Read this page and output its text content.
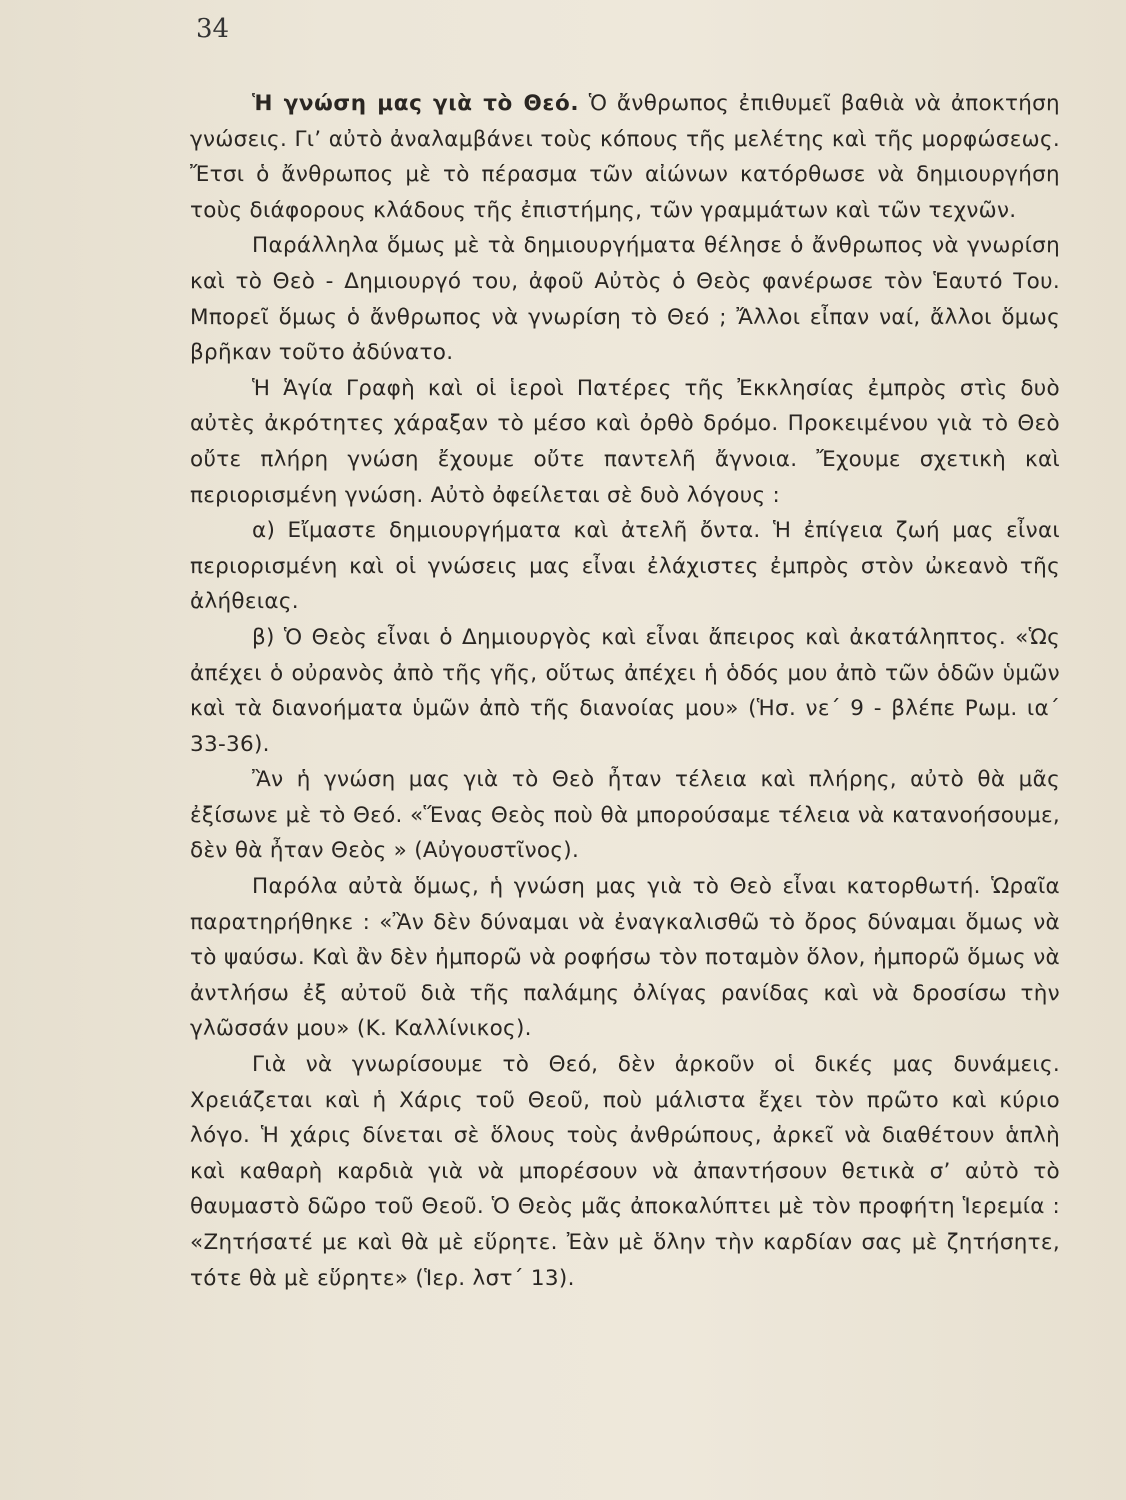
34

Ἡ γνώση μας γιὰ τὸ Θεό. Ὁ ἄνθρωπος ἐπιθυμεῖ βαθιὰ νὰ ἀποκτήση γνώσεις. Γι’ αὐτὸ ἀναλαμβάνει τοὺς κόπους τῆς μελέτης καὶ τῆς μορφώσεως. Ἔτσι ὁ ἄνθρωπος μὲ τὸ πέρασμα τῶν αἰώνων κατόρθωσε νὰ δημιουργήση τοὺς διάφορους κλάδους τῆς ἐπιστήμης, τῶν γραμμάτων καὶ τῶν τεχνῶν.

Παράλληλα ὅμως μὲ τὰ δημιουργήματα θέλησε ὁ ἄνθρωπος νὰ γνωρίση καὶ τὸ Θεὸ - Δημιουργό του, ἀφοῦ Αὐτὸς ὁ Θεὸς φανέρωσε τὸν Ἑαυτό Του. Μπορεῖ ὅμως ὁ ἄνθρωπος νὰ γνωρίση τὸ Θεό ; Ἄλλοι εἶπαν ναί, ἄλλοι ὅμως βρῆκαν τοῦτο ἀδύνατο.

Ἡ Ἁγία Γραφὴ καὶ οἱ ἱεροὶ Πατέρες τῆς Ἐκκλησίας ἐμπρὸς στὶς δυὸ αὐτὲς ἀκρότητες χάραξαν τὸ μέσο καὶ ὀρθὸ δρόμο. Προκειμένου γιὰ τὸ Θεὸ οὔτε πλήρη γνώση ἔχουμε οὔτε παντελῆ ἄγνοια. Ἔχουμε σχετικὴ καὶ περιορισμένη γνώση. Αὐτὸ ὀφείλεται σὲ δυὸ λόγους :

α) Εἴμαστε δημιουργήματα καὶ ἀτελῆ ὄντα. Ἡ ἐπίγεια ζωή μας εἶναι περιορισμένη καὶ οἱ γνώσεις μας εἶναι ἐλάχιστες ἐμπρὸς στὸν ὠκεανὸ τῆς ἀλήθειας.

β) Ὁ Θεὸς εἶναι ὁ Δημιουργὸς καὶ εἶναι ἄπειρος καὶ ἀκατάληπτος. «Ὡς ἀπέχει ὁ οὐρανὸς ἀπὸ τῆς γῆς, οὕτως ἀπέχει ἡ ὁδός μου ἀπὸ τῶν ὁδῶν ὑμῶν καὶ τὰ διανοήματα ὑμῶν ἀπὸ τῆς διανοίας μου» (Ἡσ. νε΄ 9 - βλέπε Ρωμ. ια΄ 33-36).

Ἂν ἡ γνώση μας γιὰ τὸ Θεὸ ἦταν τέλεια καὶ πλήρης, αὐτὸ θὰ μᾶς ἐξίσωνε μὲ τὸ Θεό. «Ἕνας Θεὸς ποὺ θὰ μπορούσαμε τέλεια νὰ κατανοήσουμε, δὲν θὰ ἦταν Θεὸς » (Αὐγουστῖνος).

Παρόλα αὐτὰ ὅμως, ἡ γνώση μας γιὰ τὸ Θεὸ εἶναι κατορθωτή. Ὡραῖα παρατηρήθηκε : «Ἂν δὲν δύναμαι νὰ ἐναγκαλισθῶ τὸ ὄρος δύναμαι ὅμως νὰ τὸ ψαύσω. Καὶ ἂν δὲν ἠμπορῶ νὰ ροφήσω τὸν ποταμὸν ὅλον, ἠμπορῶ ὅμως νὰ ἀντλήσω ἐξ αὐτοῦ διὰ τῆς παλάμης ὀλίγας ρανίδας καὶ νὰ δροσίσω τὴν γλῶσσάν μου» (Κ. Καλλίνικος).

Γιὰ νὰ γνωρίσουμε τὸ Θεό, δὲν ἀρκοῦν οἱ δικές μας δυνάμεις. Χρειάζεται καὶ ἡ Χάρις τοῦ Θεοῦ, ποὺ μάλιστα ἔχει τὸν πρῶτο καὶ κύριο λόγο. Ἡ χάρις δίνεται σὲ ὅλους τοὺς ἀνθρώπους, ἀρκεῖ νὰ διαθέτουν ἁπλὴ καὶ καθαρὴ καρδιὰ γιὰ νὰ μπορέσουν νὰ ἀπαντήσουν θετικὰ σ’ αὐτὸ τὸ θαυμαστὸ δῶρο τοῦ Θεοῦ. Ὁ Θεὸς μᾶς ἀποκαλύπτει μὲ τὸν προφήτη Ἱερεμία : «Ζητήσατέ με καὶ θὰ μὲ εὕρητε. Ἐὰν μὲ ὅλην τὴν καρδίαν σας μὲ ζητήσητε, τότε θὰ μὲ εὕρητε» (Ἱερ. λστ΄ 13).
